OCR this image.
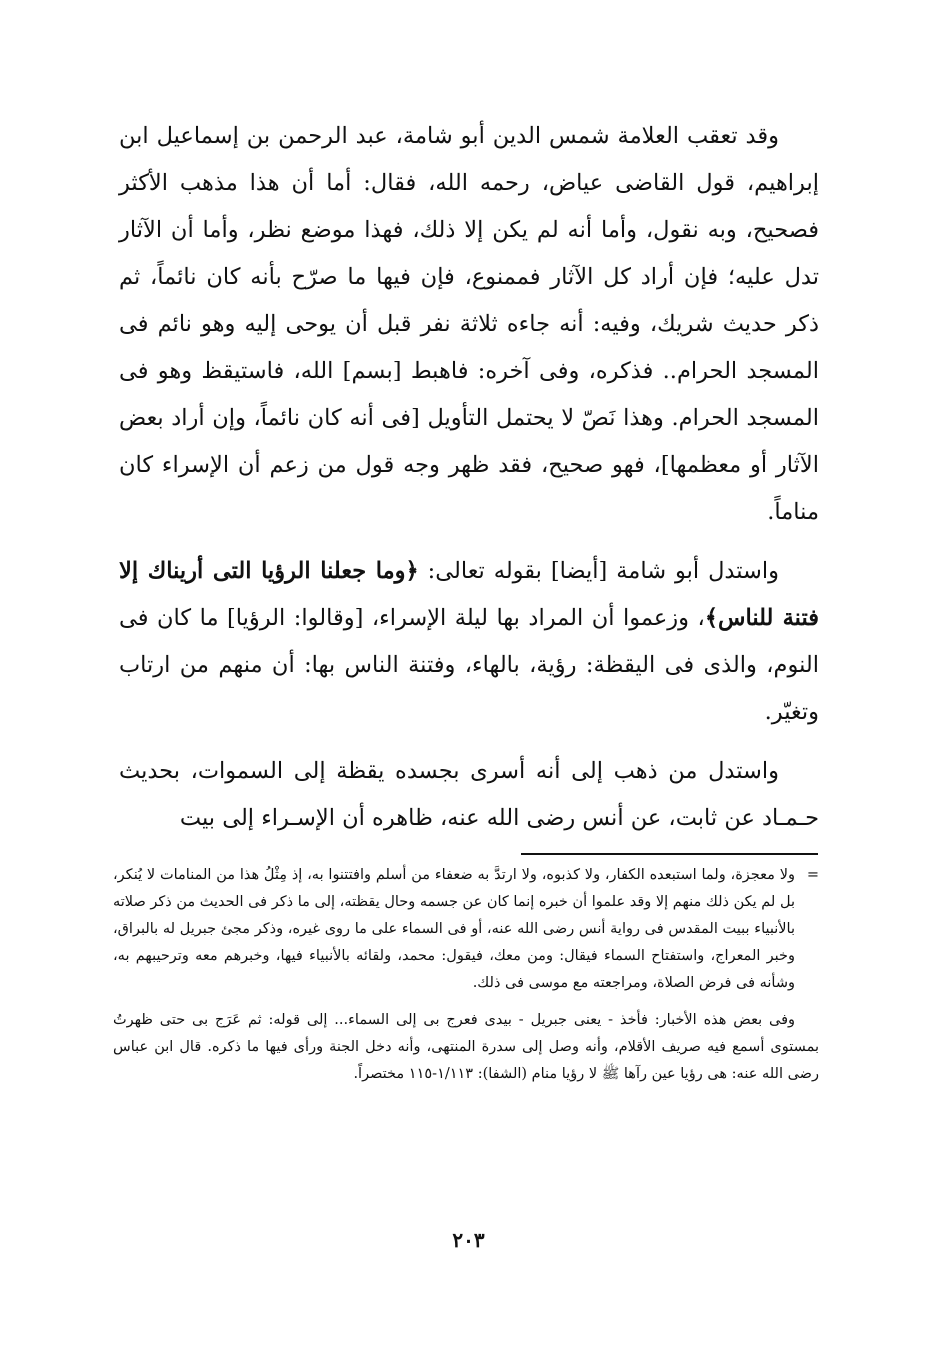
وقد تعقب العلامة شمس الدين أبو شامة، عبد الرحمن بن إسماعيل ابن إبراهيم، قول القاضى عياض، رحمه الله، فقال: أما أن هذا مذهب الأكثر فصحيح، وبه نقول، وأما أنه لم يكن إلا ذلك، فهذا موضع نظر، وأما أن الآثار تدل عليه؛ فإن أراد كل الآثار فممنوع، فإن فيها ما صرّح بأنه كان نائماً، ثم ذكر حديث شريك، وفيه: أنه جاءه ثلاثة نفر قبل أن يوحى إليه وهو نائم فى المسجد الحرام.. فذكره، وفى آخره: فاهبط [بسم] الله، فاستيقظ وهو فى المسجد الحرام. وهذا نَصّ لا يحتمل التأويل [فى أنه كان نائماً، وإن أراد بعض الآثار أو معظمها]، فهو صحيح، فقد ظهر وجه قول من زعم أن الإسراء كان مناماً.

واستدل أبو شامة [أيضا] بقوله تعالى: ﴿وما جعلنا الرؤيا التى أريناك إلا فتنة للناس﴾، وزعموا أن المراد بها ليلة الإسراء، [وقالوا: الرؤيا] ما كان فى النوم، والذى فى اليقظة: رؤية، بالهاء، وفتنة الناس بها: أن منهم من ارتاب وتغيّر.

واستدل من ذهب إلى أنه أسرى بجسده يقظة إلى السموات، بحديث حـمـاد عن ثابت، عن أنس رضى الله عنه، ظاهره أن الإسـراء إلى بيت

=
ولا معجزة، ولما استبعده الكفار، ولا كذبوه، ولا ارتدَّ به ضعفاء من أسلم وافتتنوا به، إذ مِثْلُ هذا من المنامات لا يُنكر، بل لم يكن ذلك منهم إلا وقد علموا أن خبره إنما كان عن جسمه وحال يقظته، إلى ما ذكر فى الحديث من ذكر صلاته بالأنبياء ببيت المقدس فى رواية أنس رضى الله عنه، أو فى السماء على ما روى غيره، وذكر مجئ جبريل له بالبراق، وخبر المعراج، واستفتاح السماء فيقال: ومن معك، فيقول: محمد، ولقائه بالأنبياء فيها، وخبرهم معه وترحيبهم به، وشأنه فى فرض الصلاة، ومراجعته مع موسى فى ذلك.

وفى بعض هذه الأخبار: فأخذ - يعنى جبريل - بيدى فعرج بى إلى السماء... إلى قوله: ثم عَرَج بى حتى ظهرتُ بمستوى أسمع فيه صريف الأقلام، وأنه وصل إلى سدرة المنتهى، وأنه دخل الجنة ورأى فيها ما ذكره. قال ابن عباس رضى الله عنه: هى رؤيا عين رآها ﷺ لا رؤيا منام (الشفا): ١/١١٣-١١٥ مختصراً.

٢٠٣
